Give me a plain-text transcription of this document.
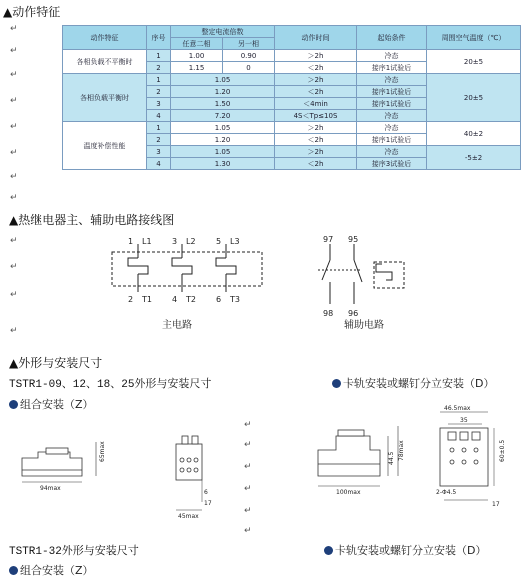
▲动作特征
↵
↵
↵
↵
↵
↵
↵
↵
动作特征	序号	整定电流倍数		动作时间	起始条件	周围空气温度（℃）
		任意二相	另一相			
各相负载不平衡时	1	1.00	0.90	＞2h	冷态	20±5
	2	1.15	0	＜2h	接序1试验后	
各相负载平衡时	1	1.05		＞2h	冷态	20±5
	2	1.20		＜2h	接序1试验后	
	3	1.50		＜4min	接序1试验后	
	4	7.20		4S＜Tp≤10S	冷态	
温度补偿性能	1	1.05		＞2h	冷态	40±2
	2	1.20		＜2h	接序1试验后	
	3	1.05		＞2h	冷态	-5±2
	4	1.30		＜2h	接序3试验后	
▲热继电器主、辅助电路接线图
↵
↵
↵
↵
1 L1	3 L2	5 L3
2 T1	4 T2	6 T3
主电路
97 95
98 96
辅助电路
▲外形与安装尺寸
TSTR1-09、12、18、25外形与安装尺寸	卡轨安装或螺钉分立安装（D）
组合安装（Z）
↵
↵
↵
↵
↵
↵
65max
94max
6
17
45max
44.5 78max
100max
46.5max
35
60±0.5
2-Φ4.5
17
TSTR1-32外形与安装尺寸	卡轨安装或螺钉分立安装（D）
组合安装（Z）
